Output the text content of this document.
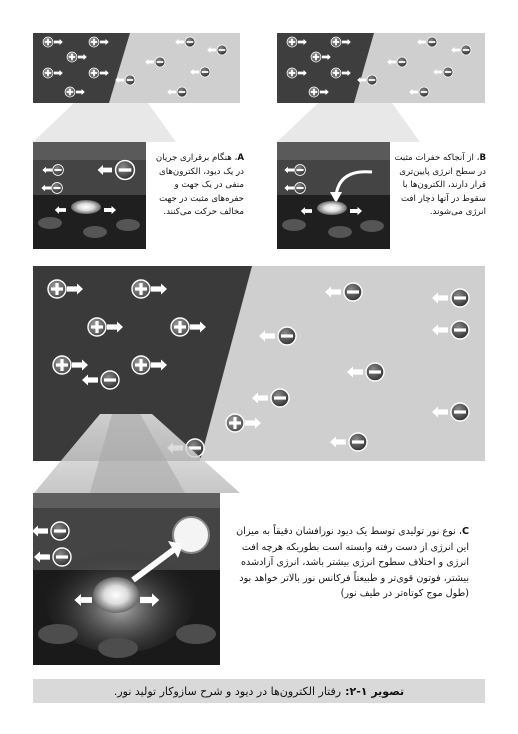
A، هنگام برقراری جریان در یک دیود، الکترون‌های منفی در یک جهت و حفره‌های مثبت در جهت مخالف حرکت می‌کنند.
B، از آنجاکه حفرات مثبت در سطح انرژی پایین‌تری قرار دارند، الکترون‌ها با سقوط در آنها دچار افت انرژی می‌شوند.
C، نوع نور تولیدی توسط یک دیود نورافشان دقیقاً به میزان این انرژی از دست رفته وابسته است بطوریکه هرچه افت انرژی و اختلاف سطوح انرژی بیشتر باشد، انرژی آزادشده بیشتر، فوتون قوی‌تر و طبیعتاً فرکانس نور بالاتر خواهد بود (طول موج کوتاه‌تر در طیف نور)
تصویر ۱-۲:
رفتار الکترون‌ها در دیود و شرح سازوکار تولید نور.
